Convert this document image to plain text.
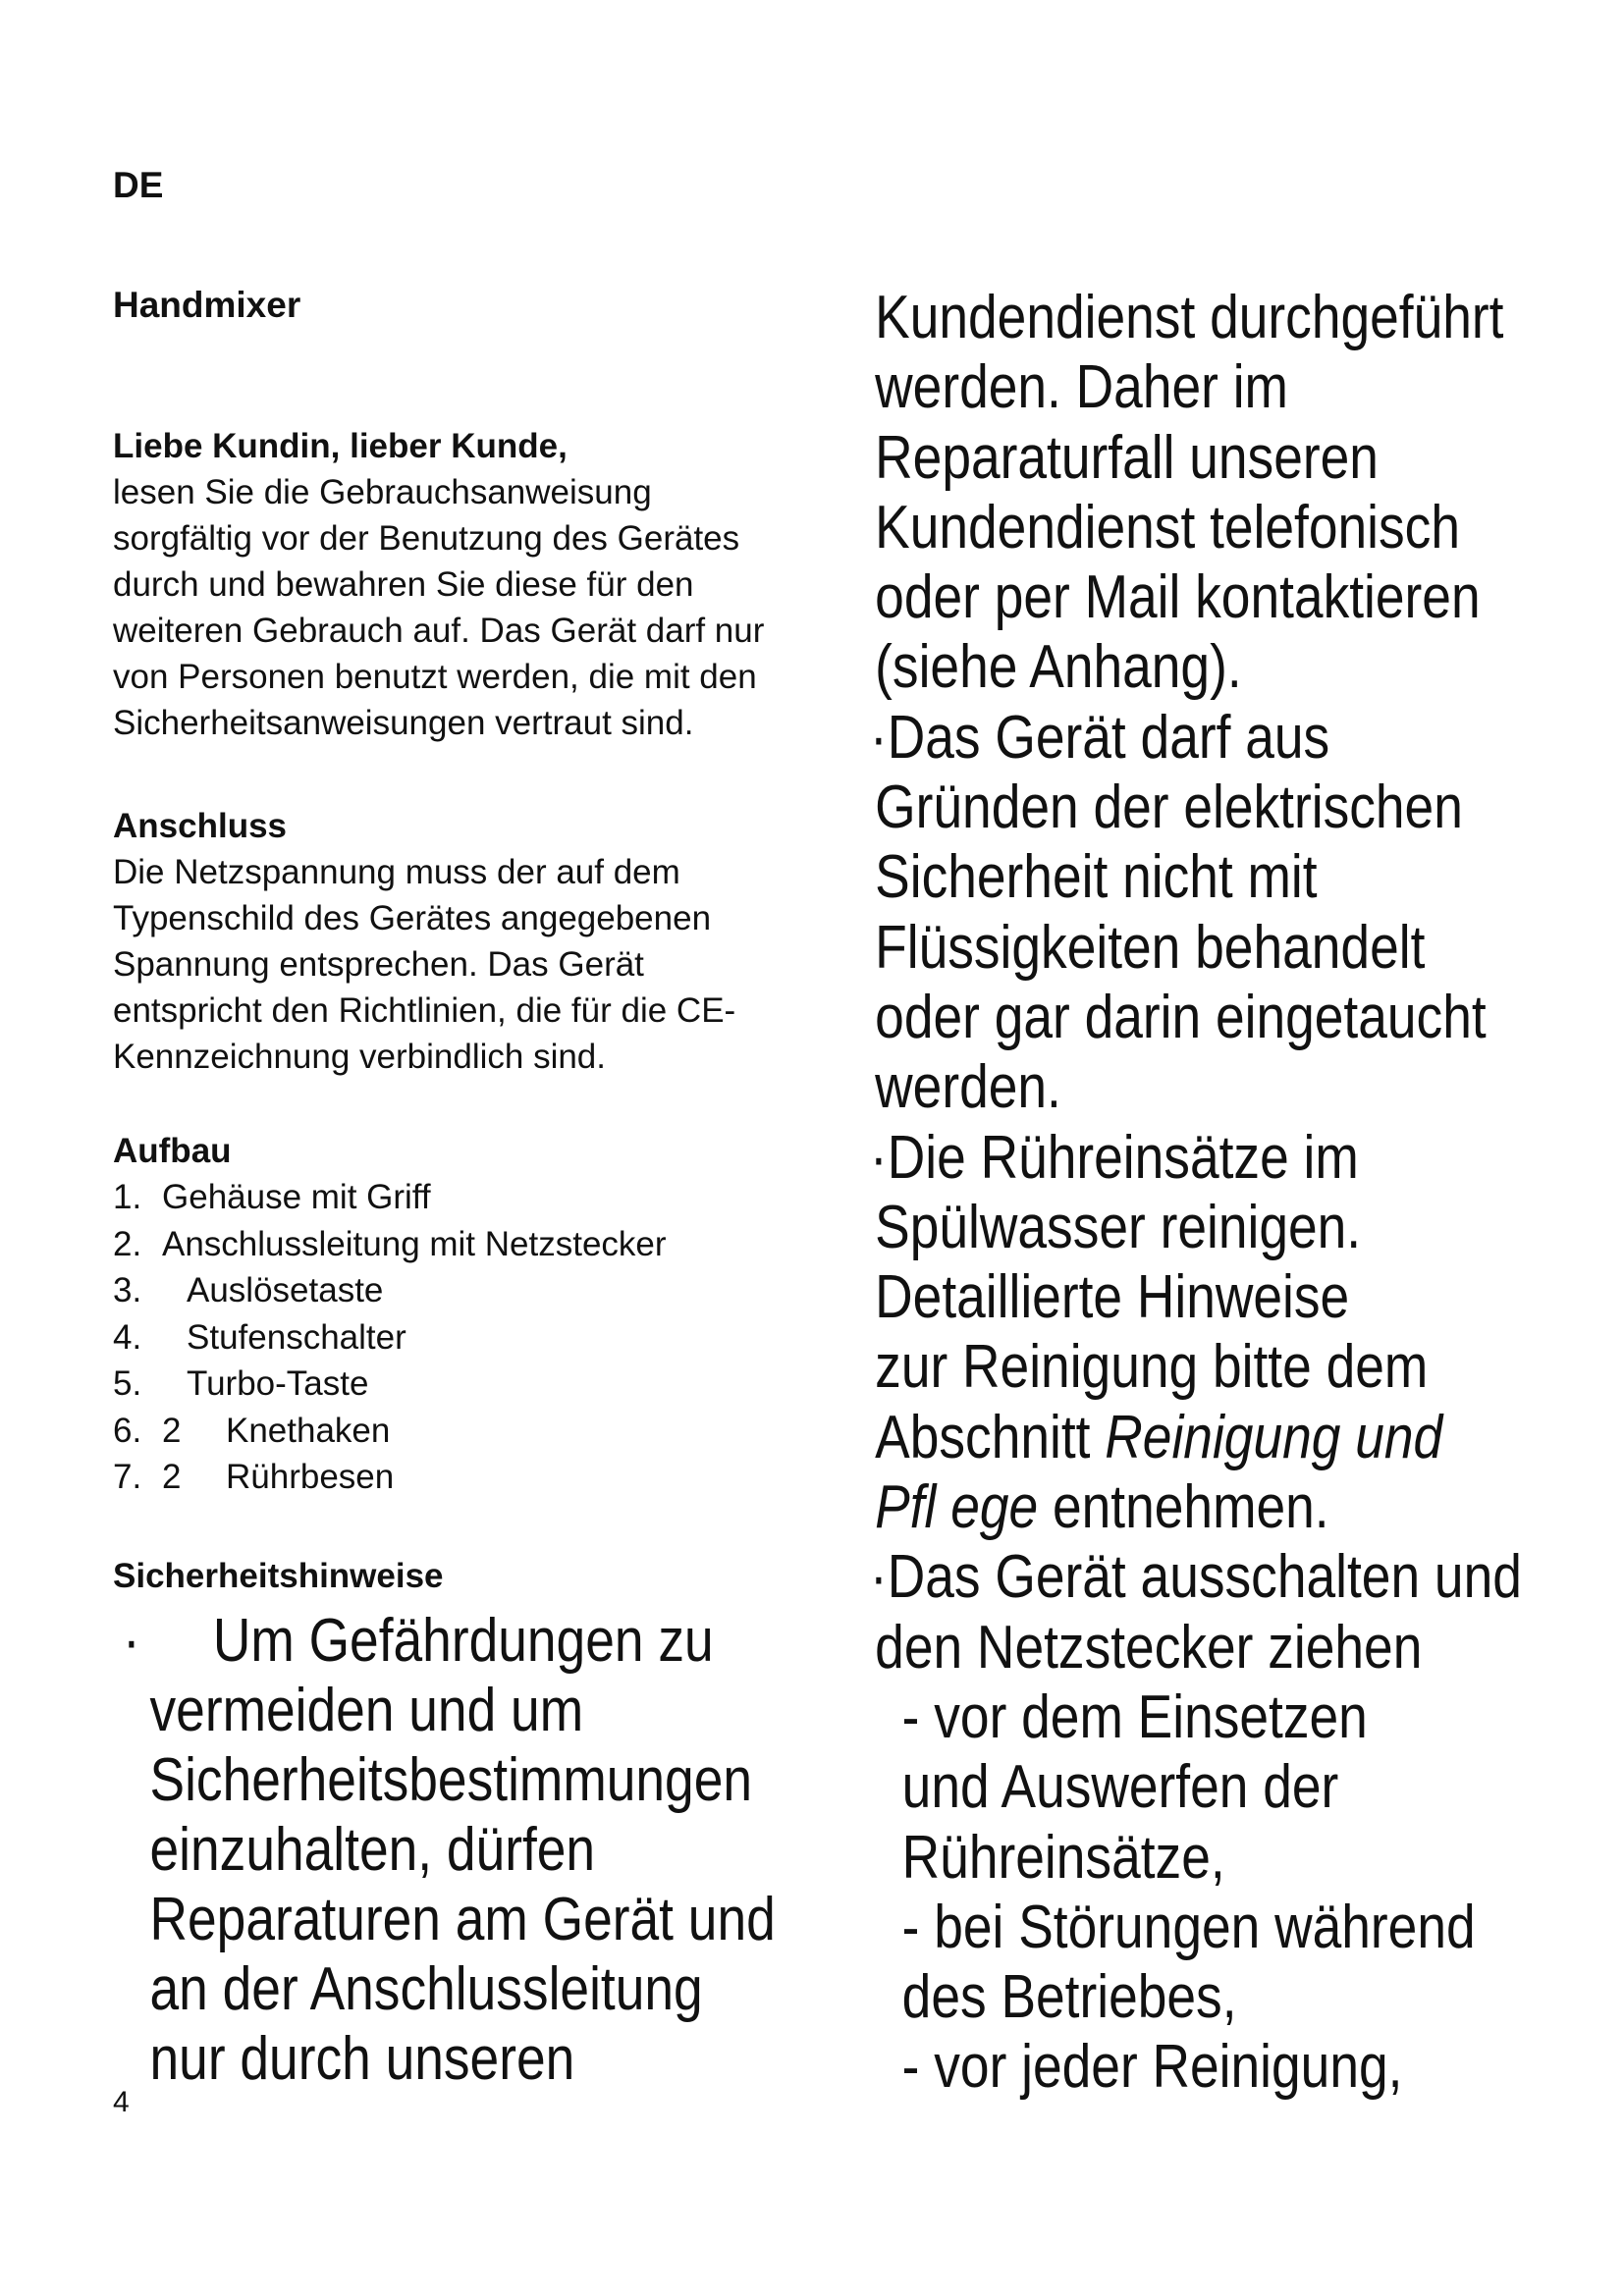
DE
Handmixer
Liebe Kundin, lieber Kunde,
lesen Sie die Gebrauchsanweisung
sorgfältig vor der Benutzung des Gerätes
durch und bewahren Sie diese für den
weiteren Gebrauch auf. Das Gerät darf nur
von Personen benutzt werden, die mit den
Sicherheitsanweisungen vertraut sind.
Anschluss
Die Netzspannung muss der auf dem
Typenschild des Gerätes angegebenen
Spannung entsprechen. Das Gerät
entspricht den Richtlinien, die für die CE-
Kennzeichnung verbindlich sind.
Aufbau
1. Gehäuse mit Griff
2. Anschlussleitung mit Netzstecker
3. Auslösetaste
4. Stufenschalter
5. Turbo-Taste
6. 2 Knethaken
7. 2 Rührbesen
Sicherheitshinweise
· Um Gefährdungen zu
vermeiden und um
Sicherheitsbestimmungen
einzuhalten, dürfen
Reparaturen am Gerät und
an der Anschlussleitung
nur durch unseren
Kundendienst durchgeführt
werden. Daher im
Reparaturfall unseren
Kundendienst telefonisch
oder per Mail kontaktieren
(siehe Anhang).
·Das Gerät darf aus
Gründen der elektrischen
Sicherheit nicht mit
Flüssigkeiten behandelt
oder gar darin eingetaucht
werden.
·Die Rühreinsätze im
Spülwasser reinigen.
Detaillierte Hinweise
zur Reinigung bitte dem
Abschnitt Reinigung und
Pfl ege entnehmen.
·Das Gerät ausschalten und
den Netzstecker ziehen
- vor dem Einsetzen
und Auswerfen der
Rühreinsätze,
- bei Störungen während
des Betriebes,
- vor jeder Reinigung,
4
